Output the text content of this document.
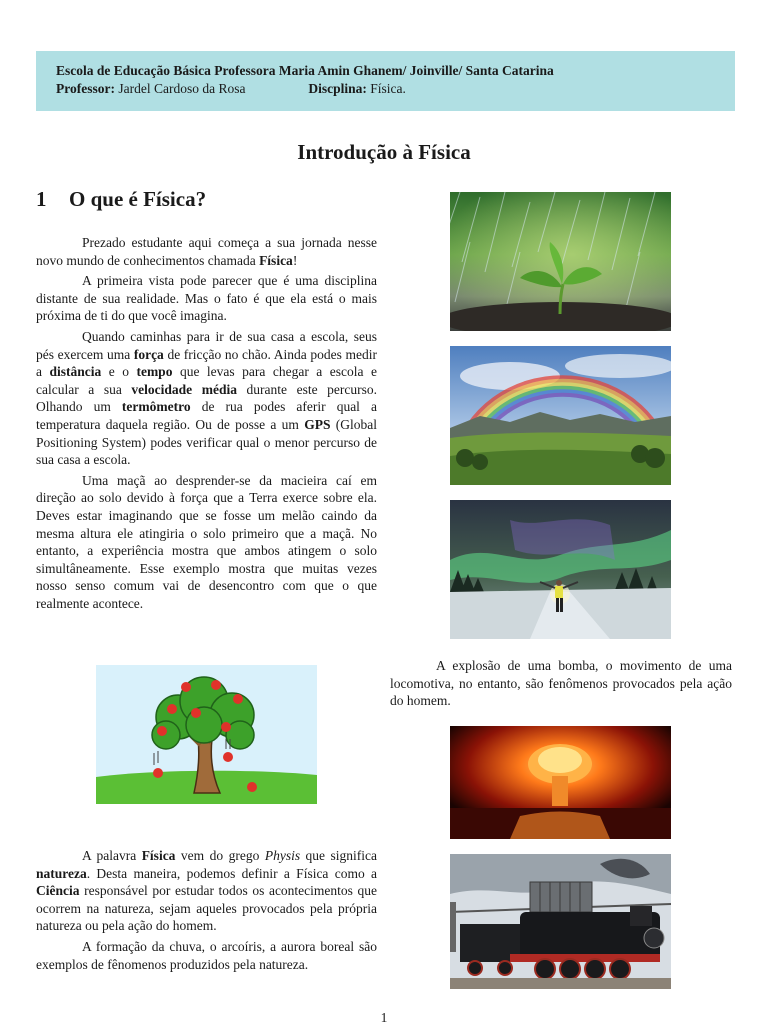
Escola de Educação Básica Professora Maria Amin Ghanem/ Joinville/ Santa Catarina
Professor: Jardel Cardoso da Rosa	Discplina: Física.
Introdução à Física
1 O que é Física?

Prezado estudante aqui começa a sua jornada nesse novo mundo de conhecimentos chamada Física!

A primeira vista pode parecer que é uma disciplina distante de sua realidade. Mas o fato é que ela está o mais próxima de ti do que você imagina.

Quando caminhas para ir de sua casa a escola, seus pés exercem uma força de fricção no chão. Ainda podes medir a distância e o tempo que levas para chegar a escola e calcular a sua velocidade média durante este percurso. Olhando um termômetro de rua podes aferir qual a temperatura daquela região. Ou de posse a um GPS (Global Positioning System) podes verificar qual o menor percurso de sua casa a escola.

Uma maçã ao desprender-se da macieira caí em direção ao solo devido à força que a Terra exerce sobre ela. Deves estar imaginando que se fosse um melão caindo da mesma altura ele atingiria o solo primeiro que a maçã. No entanto, a experiência mostra que ambos atingem o solo simultâneamente. Esse exemplo mostra que muitas vezes nosso senso comum vai de desencontro com que o que realmente acontece.

A explosão de uma bomba, o movimento de uma locomotiva, no entanto, são fenômenos provocados pela ação do homem.

A palavra Física vem do grego Physis que significa natureza. Desta maneira, podemos definir a Física como a Ciência responsável por estudar todos os acontecimentos que ocorrem na natureza, sejam aqueles provocados pela própria natureza ou pela ação do homem.

A formação da chuva, o arcoíris, a aurora boreal são exemplos de fênomenos produzidos pela natureza.

1
